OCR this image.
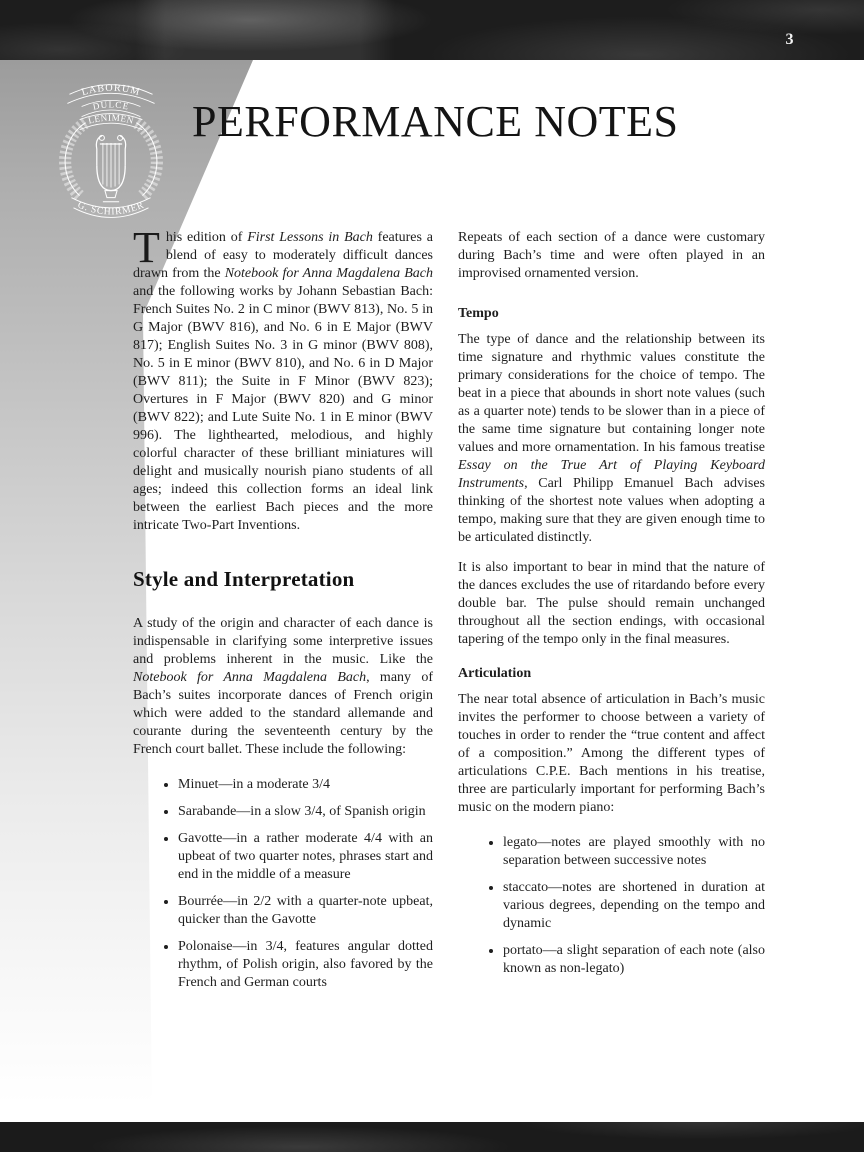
3
LABORUM
DULCE
LENIMEN
G. SCHIRMER
PERFORMANCE NOTES

This edition of First Lessons in Bach features a blend of easy to moderately difficult dances drawn from the Notebook for Anna Magdalena Bach and the following works by Johann Sebastian Bach: French Suites No. 2 in C minor (BWV 813), No. 5 in G Major (BWV 816), and No. 6 in E Major (BWV 817); English Suites No. 3 in G minor (BWV 808), No. 5 in E minor (BWV 810), and No. 6 in D Major (BWV 811); the Suite in F Minor (BWV 823); Overtures in F Major (BWV 820) and G minor (BWV 822); and Lute Suite No. 1 in E minor (BWV 996). The lighthearted, melodious, and highly colorful character of these brilliant miniatures will delight and musically nourish piano students of all ages; indeed this collection forms an ideal link between the earliest Bach pieces and the more intricate Two-Part Inventions.

Style and Interpretation

A study of the origin and character of each dance is indispensable in clarifying some interpretive issues and problems inherent in the music. Like the Notebook for Anna Magdalena Bach, many of Bach’s suites incorporate dances of French origin which were added to the standard allemande and courante during the seventeenth century by the French court ballet. These include the following:

• Minuet—in a moderate 3/4
• Sarabande—in a slow 3/4, of Spanish origin
• Gavotte—in a rather moderate 4/4 with an upbeat of two quarter notes, phrases start and end in the middle of a measure
• Bourrée—in 2/2 with a quarter-note upbeat, quicker than the Gavotte
• Polonaise—in 3/4, features angular dotted rhythm, of Polish origin, also favored by the French and German courts

Repeats of each section of a dance were customary during Bach’s time and were often played in an improvised ornamented version.

Tempo

The type of dance and the relationship between its time signature and rhythmic values constitute the primary considerations for the choice of tempo. The beat in a piece that abounds in short note values (such as a quarter note) tends to be slower than in a piece of the same time signature but containing longer note values and more ornamentation. In his famous treatise Essay on the True Art of Playing Keyboard Instruments, Carl Philipp Emanuel Bach advises thinking of the shortest note values when adopting a tempo, making sure that they are given enough time to be articulated distinctly.

It is also important to bear in mind that the nature of the dances excludes the use of ritardando before every double bar. The pulse should remain unchanged throughout all the section endings, with occasional tapering of the tempo only in the final measures.

Articulation

The near total absence of articulation in Bach’s music invites the performer to choose between a variety of touches in order to render the “true content and affect of a composition.” Among the different types of articulations C.P.E. Bach mentions in his treatise, three are particularly important for performing Bach’s music on the modern piano:

• legato—notes are played smoothly with no separation between successive notes
• staccato—notes are shortened in duration at various degrees, depending on the tempo and dynamic
• portato—a slight separation of each note (also known as non-legato)
